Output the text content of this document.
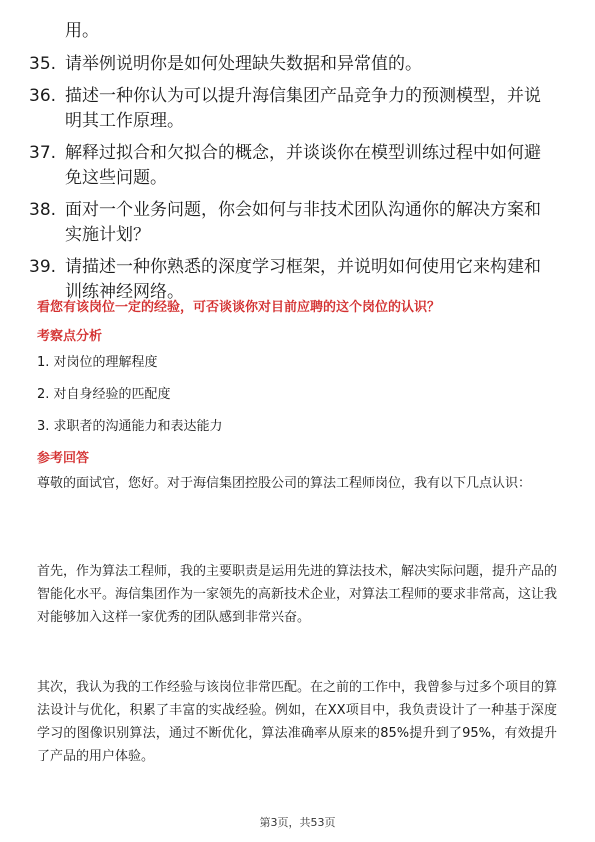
用。

35. 请举例说明你是如何处理缺失数据和异常值的。
36. 描述一种你认为可以提升海信集团产品竞争力的预测模型，并说明其工作原理。
37. 解释过拟合和欠拟合的概念，并谈谈你在模型训练过程中如何避免这些问题。
38. 面对一个业务问题，你会如何与非技术团队沟通你的解决方案和实施计划？
39. 请描述一种你熟悉的深度学习框架，并说明如何使用它来构建和训练神经网络。

看您有该岗位一定的经验，可否谈谈你对目前应聘的这个岗位的认识？

考察点分析

1. 对岗位的理解程度
2. 对自身经验的匹配度
3. 求职者的沟通能力和表达能力

参考回答

尊敬的面试官，您好。对于海信集团控股公司的算法工程师岗位，我有以下几点认识：

首先，作为算法工程师，我的主要职责是运用先进的算法技术，解决实际问题，提升产品的智能化水平。海信集团作为一家领先的高新技术企业，对算法工程师的要求非常高，这让我对能够加入这样一家优秀的团队感到非常兴奋。

其次，我认为我的工作经验与该岗位非常匹配。在之前的工作中，我曾参与过多个项目的算法设计与优化，积累了丰富的实战经验。例如，在XX项目中，我负责设计了一种基于深度学习的图像识别算法，通过不断优化，算法准确率从原来的85%提升到了95%，有效提升了产品的用户体验。

第3页，共53页
